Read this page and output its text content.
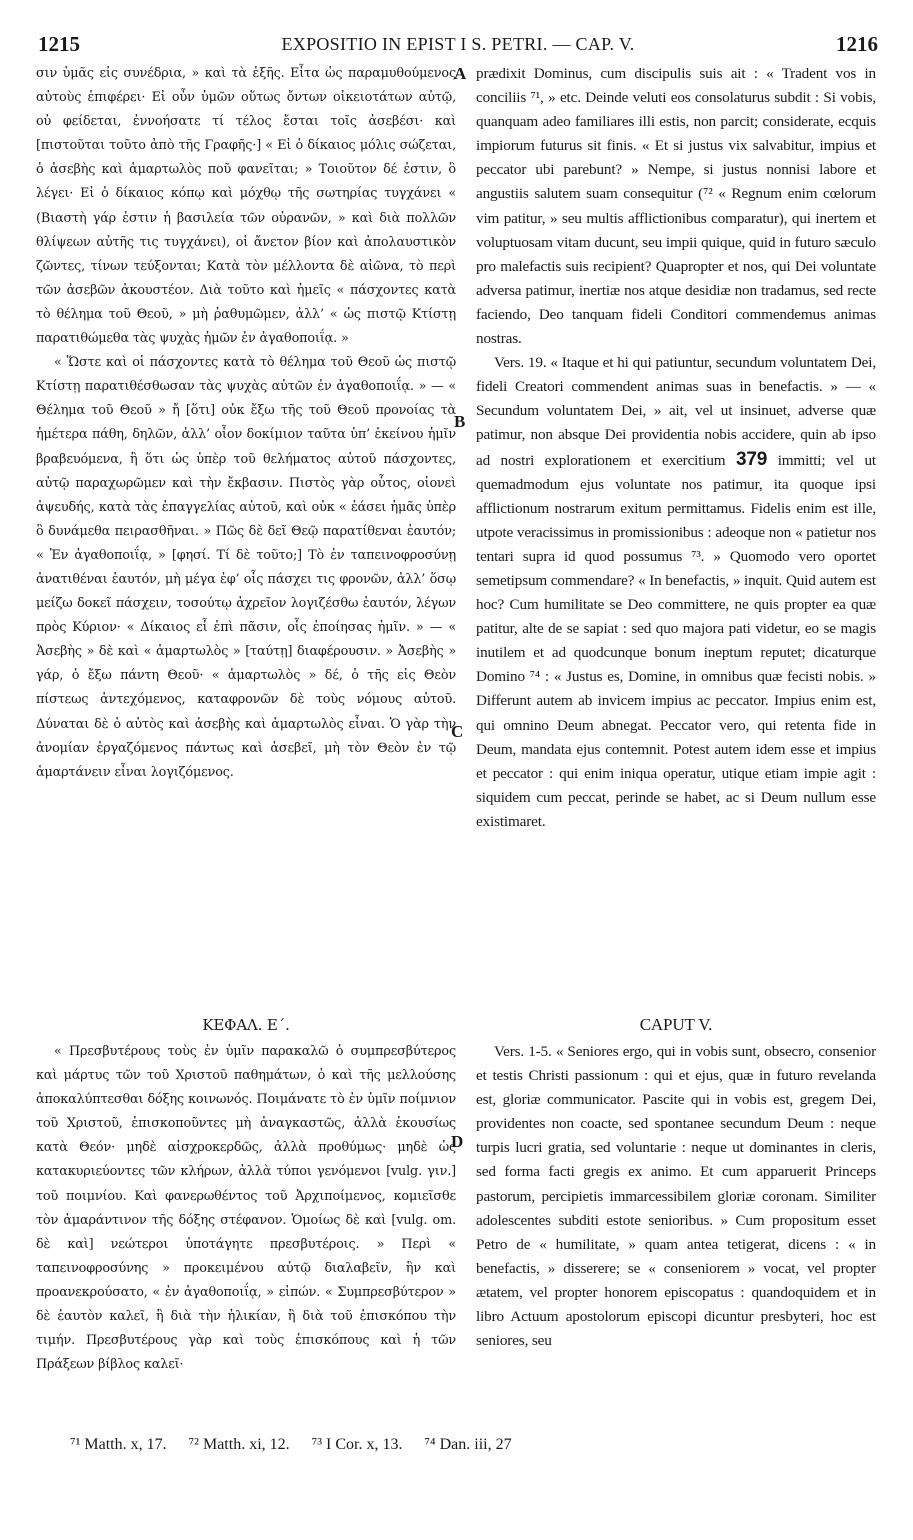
1215	EXPOSITIO IN EPIST I S. PETRI. — CAP. V.	1216
A
B
C
D

σιν ὑμᾶς εἰς συνέδρια, » καὶ τὰ ἑξῆς. Εἶτα ὡς παραμυθούμενος αὐτοὺς ἐπιφέρει· Εἰ οὖν ὑμῶν οὕτως ὄντων οἰκειοτάτων αὐτῷ, οὐ φείδεται, ἐννοήσατε τί τέλος ἔσται τοῖς ἀσεβέσι· καὶ [πιστοῦται τοῦτο ἀπὸ τῆς Γραφῆς·] « Εἰ ὁ δίκαιος μόλις σώζεται, ὁ ἀσεβὴς καὶ ἁμαρτωλὸς ποῦ φανεῖται; » Τοιοῦτον δέ ἐστιν, ὃ λέγει· Εἰ ὁ δίκαιος κόπῳ καὶ μόχθῳ τῆς σωτηρίας τυγχάνει « (Βιαστὴ γάρ ἐστιν ἡ βασιλεία τῶν οὐρανῶν, » καὶ διὰ πολλῶν θλίψεων αὐτῆς τις τυγχάνει), οἱ ἄνετον βίον καὶ ἀπολαυστικὸν ζῶντες, τίνων τεύξονται; Κατὰ τὸν μέλλοντα δὲ αἰῶνα, τὸ περὶ τῶν ἀσεβῶν ἀκουστέον. Διὰ τοῦτο καὶ ἡμεῖς « πάσχοντες κατὰ τὸ θέλημα τοῦ Θεοῦ, » μὴ ῥαθυμῶμεν, ἀλλ’ « ὡς πιστῷ Κτίστῃ παρατιθώμεθα τὰς ψυχὰς ἡμῶν ἐν ἀγαθοποιΐᾳ. »

« Ὥστε καὶ οἱ πάσχοντες κατὰ τὸ θέλημα τοῦ Θεοῦ ὡς πιστῷ Κτίστῃ παρατιθέσθωσαν τὰς ψυχὰς αὐτῶν ἐν ἀγαθοποιΐᾳ. » — « Θέλημα τοῦ Θεοῦ » ἤ [ὅτι] οὐκ ἔξω τῆς τοῦ Θεοῦ προνοίας τὰ ἡμέτερα πάθη, δηλῶν, ἀλλ’ οἷον δοκίμιον ταῦτα ὑπ’ ἐκείνου ἡμῖν βραβευόμενα, ἢ ὅτι ὡς ὑπὲρ τοῦ θελήματος αὐτοῦ πάσχοντες, αὐτῷ παραχωρῶμεν καὶ τὴν ἔκβασιν. Πιστὸς γὰρ οὗτος, οἱονεὶ ἀψευδής, κατὰ τὰς ἐπαγγελίας αὐτοῦ, καὶ οὐκ « ἐάσει ἡμᾶς ὑπὲρ ὃ δυνάμεθα πειρασθῆναι. » Πῶς δὲ δεῖ Θεῷ παρατίθεναι ἑαυτόν; « Ἐν ἀγαθοποιΐᾳ, » [φησί. Τί δὲ τοῦτο;] Τὸ ἐν ταπεινοφροσύνῃ ἀνατιθέναι ἑαυτόν, μὴ μέγα ἐφ’ οἷς πάσχει τις φρονῶν, ἀλλ’ ὅσῳ μείζω δοκεῖ πάσχειν, τοσούτῳ ἀχρεῖον λογιζέσθω ἑαυτόν, λέγων πρὸς Κύριον· « Δίκαιος εἶ ἐπὶ πᾶσιν, οἷς ἐποίησας ἡμῖν. » — « Ἀσεβὴς » δὲ καὶ « ἁμαρτωλὸς » [ταύτῃ] διαφέρουσιν. » Ἀσεβὴς » γάρ, ὁ ἔξω πάντη Θεοῦ· « ἁμαρτωλὸς » δέ, ὁ τῆς εἰς Θεὸν πίστεως ἀντεχόμενος, καταφρονῶν δὲ τοὺς νόμους αὐτοῦ. Δύναται δὲ ὁ αὐτὸς καὶ ἀσεβὴς καὶ ἁμαρτωλὸς εἶναι. Ὁ γὰρ τὴν ἀνομίαν ἐργαζόμενος πάντως καὶ ἀσεβεῖ, μὴ τὸν Θεὸν ἐν τῷ ἁμαρτάνειν εἶναι λογιζόμενος.

prædixit Dominus, cum discipulis suis ait : « Tradent vos in conciliis ⁷¹, » etc. Deinde veluti eos consolaturus subdit : Si vobis, quanquam adeo familiares illi estis, non parcit; considerate, ecquis impiorum futurus sit finis. « Et si justus vix salvabitur, impius et peccator ubi parebunt? » Nempe, si justus nonnisi labore et angustiis salutem suam consequitur (⁷² « Regnum enim cœlorum vim patitur, » seu multis afflictionibus comparatur), qui inertem et voluptuosam vitam ducunt, seu impii quique, quid in futuro sæculo pro malefactis suis recipient? Quapropter et nos, qui Dei voluntate adversa patimur, inertiæ nos atque desidiæ non tradamus, sed recte faciendo, Deo tanquam fideli Conditori commendemus animas nostras.

Vers. 19. « Itaque et hi qui patiuntur, secundum voluntatem Dei, fideli Creatori commendent animas suas in benefactis. » — « Secundum voluntatem Dei, » ait, vel ut insinuet, adverse quæ patimur, non absque Dei providentia nobis accidere, quin ab ipso ad nostri explorationem et exercitium 379 immitti; vel ut quemadmodum ejus voluntate nos patimur, ita quoque ipsi afflictionum nostrarum exitum permittamus. Fidelis enim est ille, utpote veracissimus in promissionibus : adeoque non « patietur nos tentari supra id quod possumus ⁷³. » Quomodo vero oportet semetipsum commendare? « In benefactis, » inquit. Quid autem est hoc? Cum humilitate se Deo committere, ne quis propter ea quæ patitur, alte de se sapiat : sed quo majora pati videtur, eo se magis inutilem et ad quodcunque bonum ineptum reputet; dicaturque Domino ⁷⁴ : « Justus es, Domine, in omnibus quæ fecisti nobis. » Differunt autem ab invicem impius ac peccator. Impius enim est, qui omnino Deum abnegat. Peccator vero, qui retenta fide in Deum, mandata ejus contemnit. Potest autem idem esse et impius et peccator : qui enim iniqua operatur, utique etiam impie agit : siquidem cum peccat, perinde se habet, ac si Deum nullum esse existimaret.

ΚΕΦΑΛ. Ε΄.

« Πρεσβυτέρους τοὺς ἐν ὑμῖν παρακαλῶ ὁ συμπρεσβύτερος καὶ μάρτυς τῶν τοῦ Χριστοῦ παθημάτων, ὁ καὶ τῆς μελλούσης ἀποκαλύπτεσθαι δόξης κοινωνός. Ποιμάνατε τὸ ἐν ὑμῖν ποίμνιον τοῦ Χριστοῦ, ἐπισκοποῦντες μὴ ἀναγκαστῶς, ἀλλὰ ἑκουσίως κατὰ Θεόν· μηδὲ αἰσχροκερδῶς, ἀλλὰ προθύμως· μηδὲ ὡς κατακυριεύοντες τῶν κλήρων, ἀλλὰ τύποι γενόμενοι [vulg. γιν.] τοῦ ποιμνίου. Καὶ φανερωθέντος τοῦ Ἀρχιποίμενος, κομιεῖσθε τὸν ἀμαράντινον τῆς δόξης στέφανον. Ὁμοίως δὲ καὶ [vulg. om. δὲ καὶ] νεώτεροι ὑποτάγητε πρεσβυτέροις. » Περὶ « ταπεινοφροσύνης » προκειμένου αὐτῷ διαλαβεῖν, ἣν καὶ προανεκρούσατο, « ἐν ἀγαθοποιΐᾳ, » εἰπών. « Συμπρεσβύτερον » δὲ ἑαυτὸν καλεῖ, ἢ διὰ τὴν ἡλικίαν, ἢ διὰ τοῦ ἐπισκόπου τὴν τιμήν. Πρεσβυτέρους γὰρ καὶ τοὺς ἐπισκόπους καὶ ἡ τῶν Πράξεων βίβλος καλεῖ·

CAPUT V.

Vers. 1-5. « Seniores ergo, qui in vobis sunt, obsecro, consenior et testis Christi passionum : qui et ejus, quæ in futuro revelanda est, gloriæ communicator. Pascite qui in vobis est, gregem Dei, providentes non coacte, sed spontanee secundum Deum : neque turpis lucri gratia, sed voluntarie : neque ut dominantes in cleris, sed forma facti gregis ex animo. Et cum apparuerit Princeps pastorum, percipietis immarcessibilem gloriæ coronam. Similiter adolescentes subditi estote senioribus. » Cum propositum esset Petro de « humilitate, » quam antea tetigerat, dicens : « in benefactis, » disserere; se « conseniorem » vocat, vel propter ætatem, vel propter honorem episcopatus : quandoquidem et in libro Actuum apostolorum episcopi dicuntur presbyteri, hoc est seniores, seu

⁷¹ Matth. x, 17. ⁷² Matth. xi, 12. ⁷³ I Cor. x, 13. ⁷⁴ Dan. iii, 27
